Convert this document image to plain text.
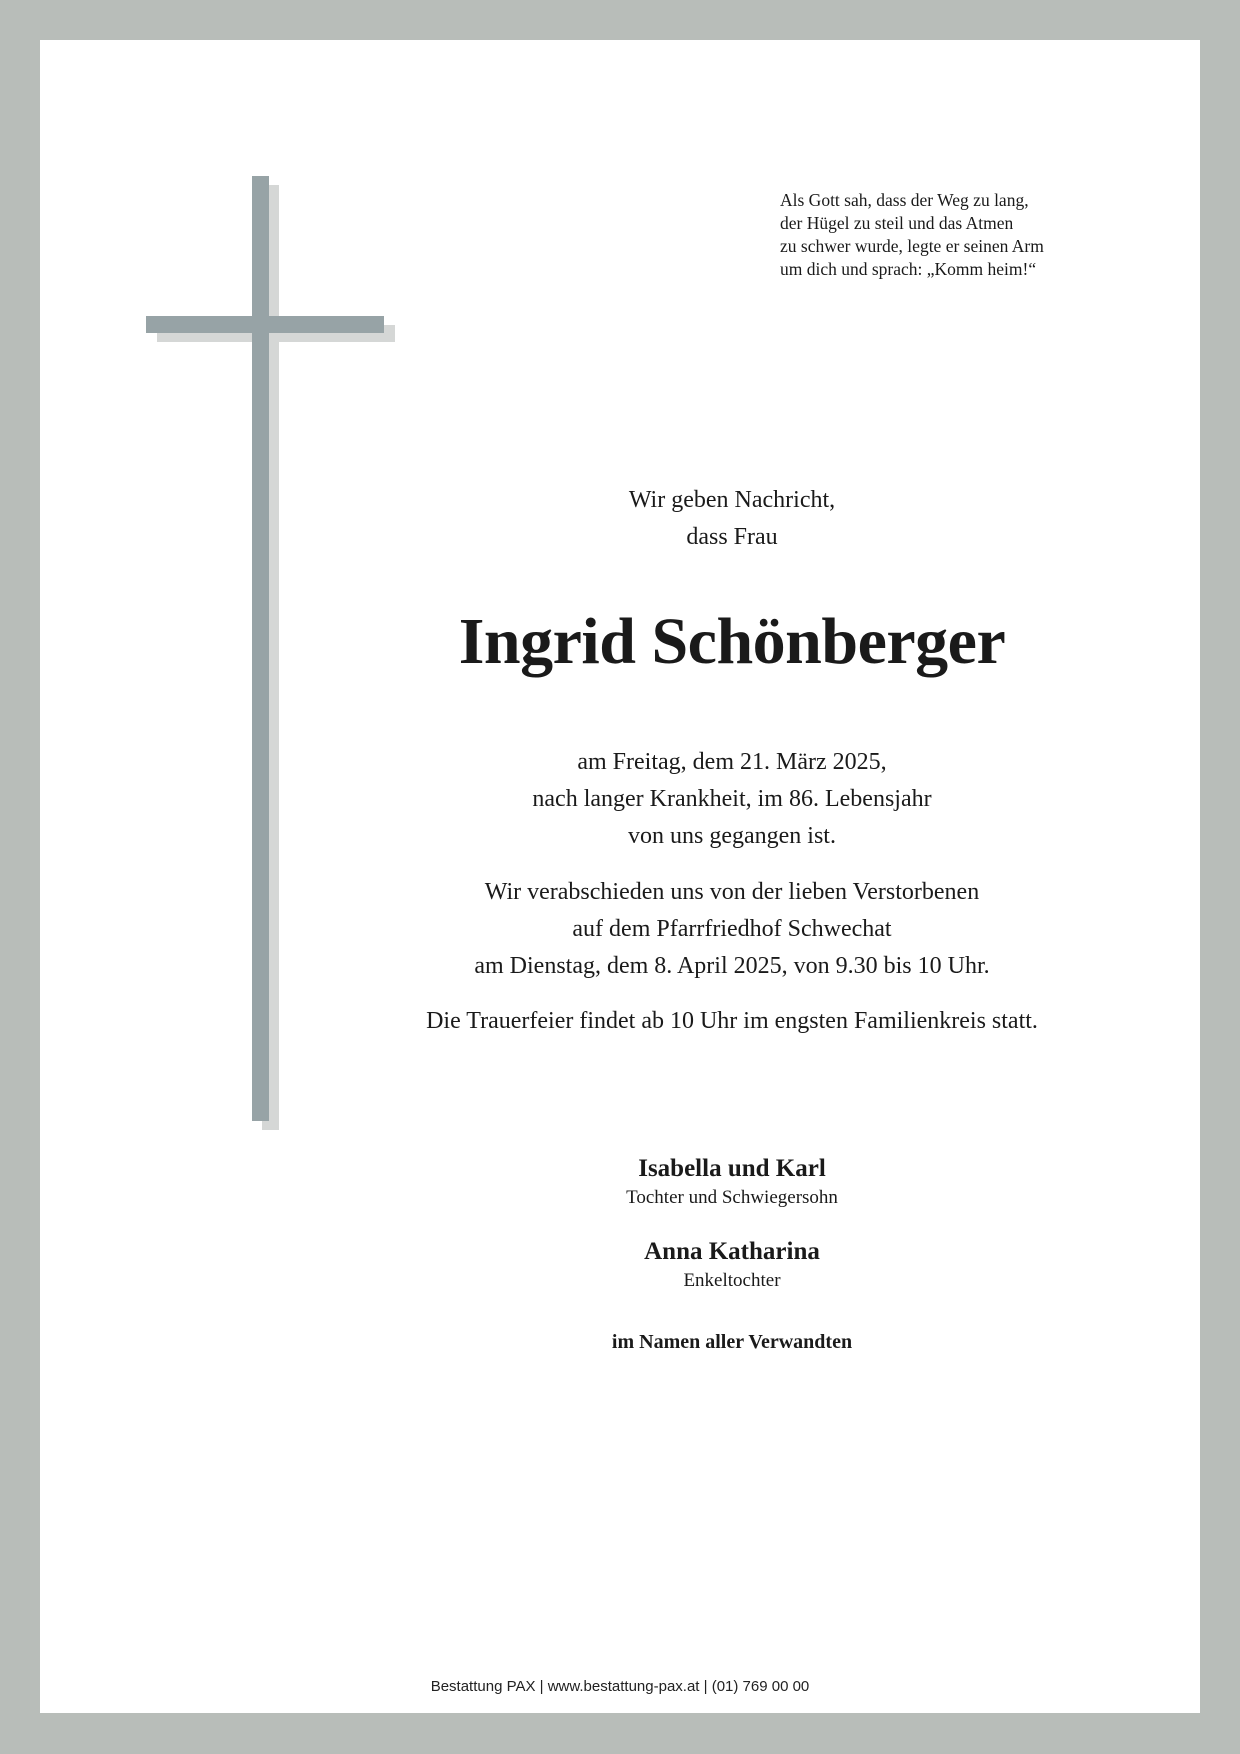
Als Gott sah, dass der Weg zu lang,
der Hügel zu steil und das Atmen
zu schwer wurde, legte er seinen Arm
um dich und sprach: „Komm heim!“
Wir geben Nachricht,
dass Frau
Ingrid Schönberger
am Freitag, dem 21. März 2025,
nach langer Krankheit, im 86. Lebensjahr
von uns gegangen ist.
Wir verabschieden uns von der lieben Verstorbenen
auf dem Pfarrfriedhof Schwechat
am Dienstag, dem 8. April 2025, von 9.30 bis 10 Uhr.
Die Trauerfeier findet ab 10 Uhr im engsten Familienkreis statt.
Isabella und Karl
Tochter und Schwiegersohn
Anna Katharina
Enkeltochter
im Namen aller Verwandten
Bestattung PAX | www.bestattung-pax.at | (01) 769 00 00
